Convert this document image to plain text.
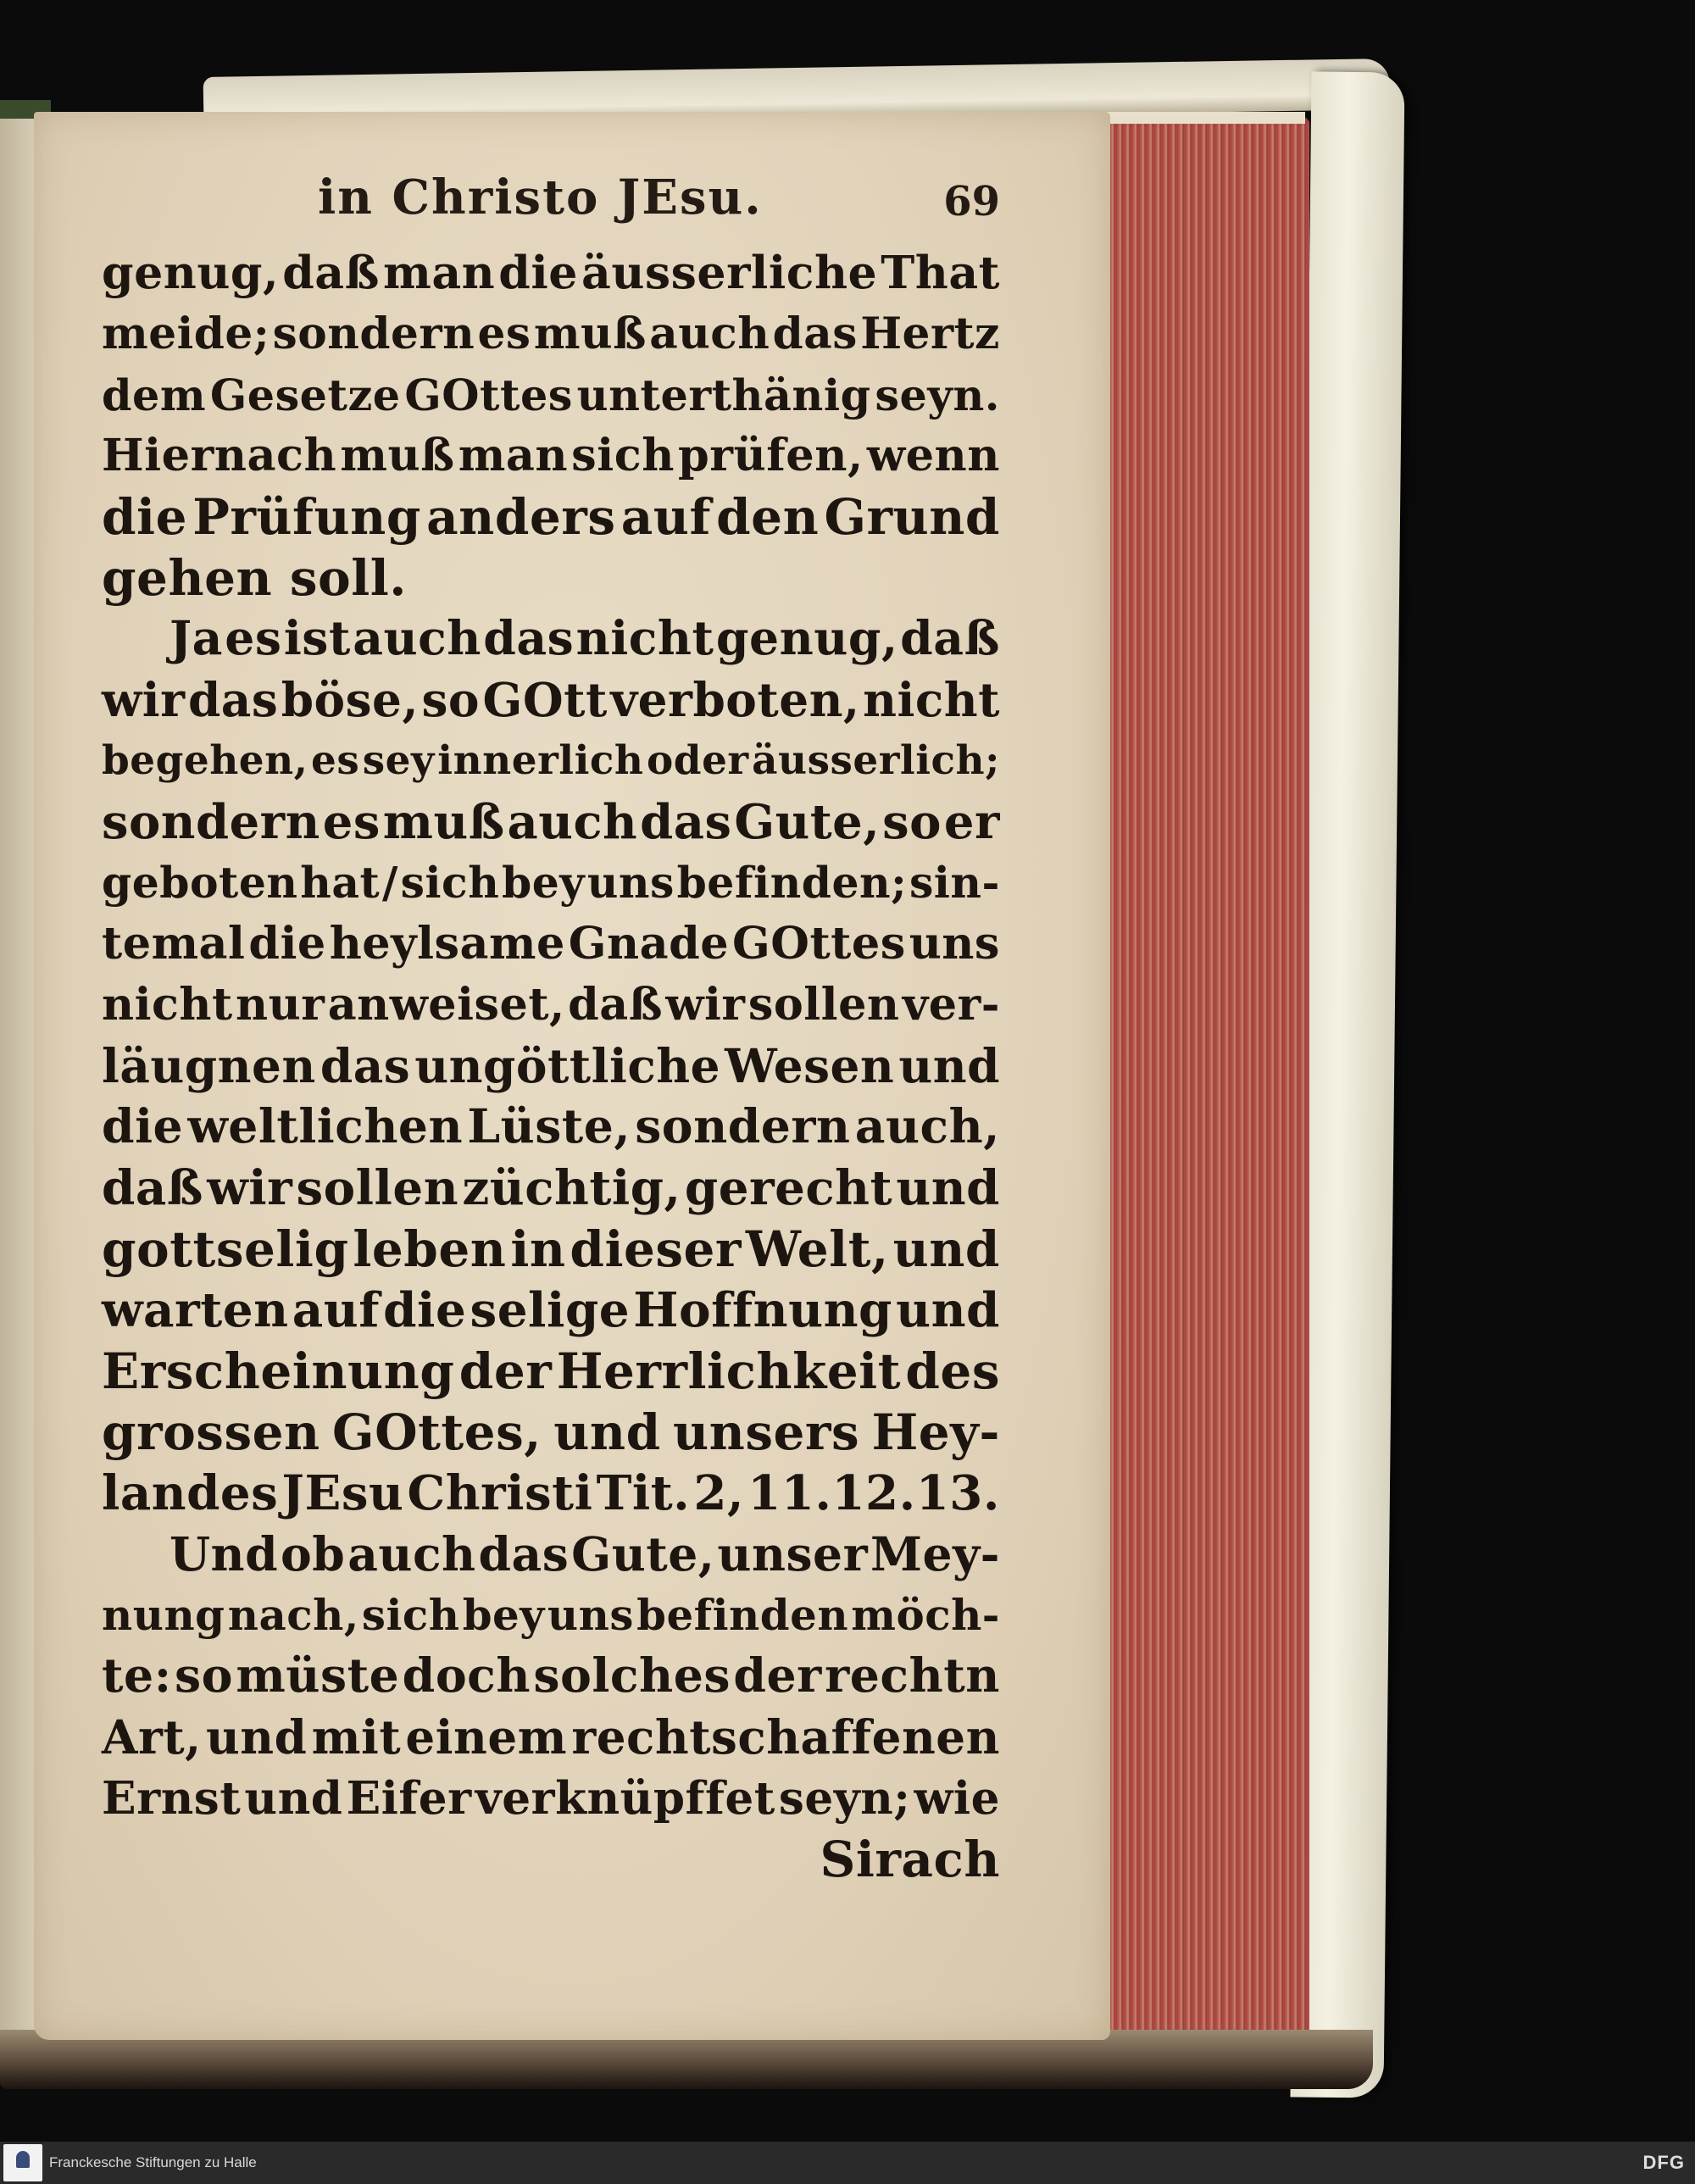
in Christo JEsu.	69
genug, daß man die äusserliche That
meide; sondern es muß auch das Hertz
dem Gesetze GOttes unterthänig seyn.
Hiernach muß man sich prüfen, wenn
die Prüfung anders auf den Grund
gehen soll.
Ja es ist auch das nicht genug, daß
wir das böse, so GOtt verboten, nicht
begehen, es sey innerlich oder äusserlich;
sondern es muß auch das Gute, so er
geboten hat / sich bey uns befinden; sin-
temal die heylsame Gnade GOttes uns
nicht nur anweiset, daß wir sollen ver-
läugnen das ungöttliche Wesen und
die weltlichen Lüste, sondern auch,
daß wir sollen züchtig, gerecht und
gottselig leben in dieser Welt, und
warten auf die selige Hoffnung und
Erscheinung der Herrlichkeit des
grossen GOttes, und unsers Hey-
landes JEsu Christi Tit. 2, 11.12.13.
Und ob auch das Gute, unser Mey-
nung nach, sich bey uns befinden möch-
te: so müste doch solches der rechtn
Art, und mit einem rechtschaffenen
Ernst und Eifer verknüpffet seyn; wie
Sirach
Franckesche Stiftungen zu Halle	DFG
